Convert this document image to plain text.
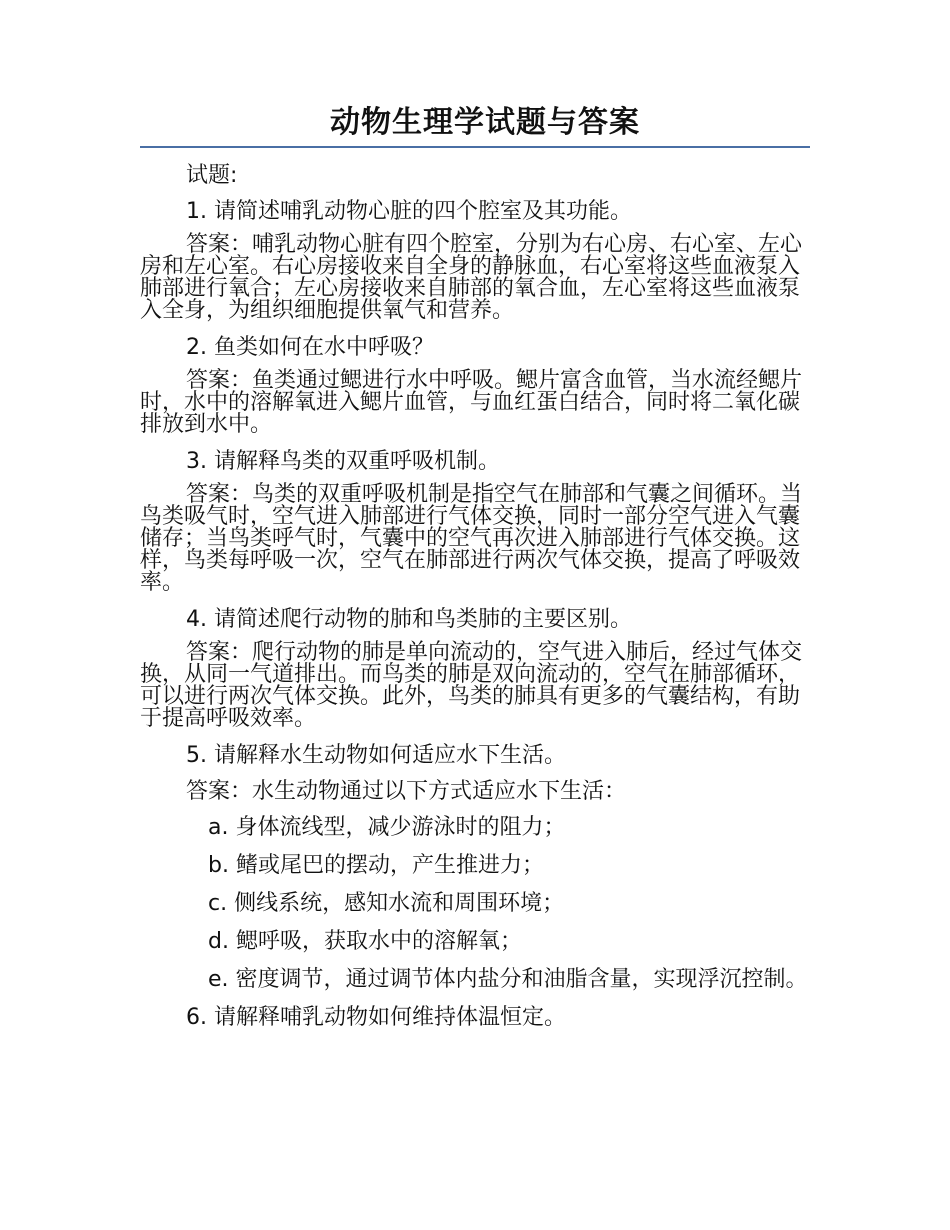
动物生理学试题与答案
试题:
1. 请简述哺乳动物心脏的四个腔室及其功能。
答案：哺乳动物心脏有四个腔室，分别为右心房、右心室、左心房和左心室。右心房接收来自全身的静脉血，右心室将这些血液泵入肺部进行氧合；左心房接收来自肺部的氧合血，左心室将这些血液泵入全身，为组织细胞提供氧气和营养。
2. 鱼类如何在水中呼吸？
答案：鱼类通过鳃进行水中呼吸。鳃片富含血管，当水流经鳃片时，水中的溶解氧进入鳃片血管，与血红蛋白结合，同时将二氧化碳排放到水中。
3. 请解释鸟类的双重呼吸机制。
答案：鸟类的双重呼吸机制是指空气在肺部和气囊之间循环。当鸟类吸气时，空气进入肺部进行气体交换，同时一部分空气进入气囊储存；当鸟类呼气时，气囊中的空气再次进入肺部进行气体交换。这样，鸟类每呼吸一次，空气在肺部进行两次气体交换，提高了呼吸效率。
4. 请简述爬行动物的肺和鸟类肺的主要区别。
答案：爬行动物的肺是单向流动的，空气进入肺后，经过气体交换，从同一气道排出。而鸟类的肺是双向流动的，空气在肺部循环，可以进行两次气体交换。此外，鸟类的肺具有更多的气囊结构，有助于提高呼吸效率。
5. 请解释水生动物如何适应水下生活。
答案：水生动物通过以下方式适应水下生活：
a. 身体流线型，减少游泳时的阻力；
b. 鳍或尾巴的摆动，产生推进力；
c. 侧线系统，感知水流和周围环境；
d. 鳃呼吸，获取水中的溶解氧；
e. 密度调节，通过调节体内盐分和油脂含量，实现浮沉控制。
6. 请解释哺乳动物如何维持体温恒定。
